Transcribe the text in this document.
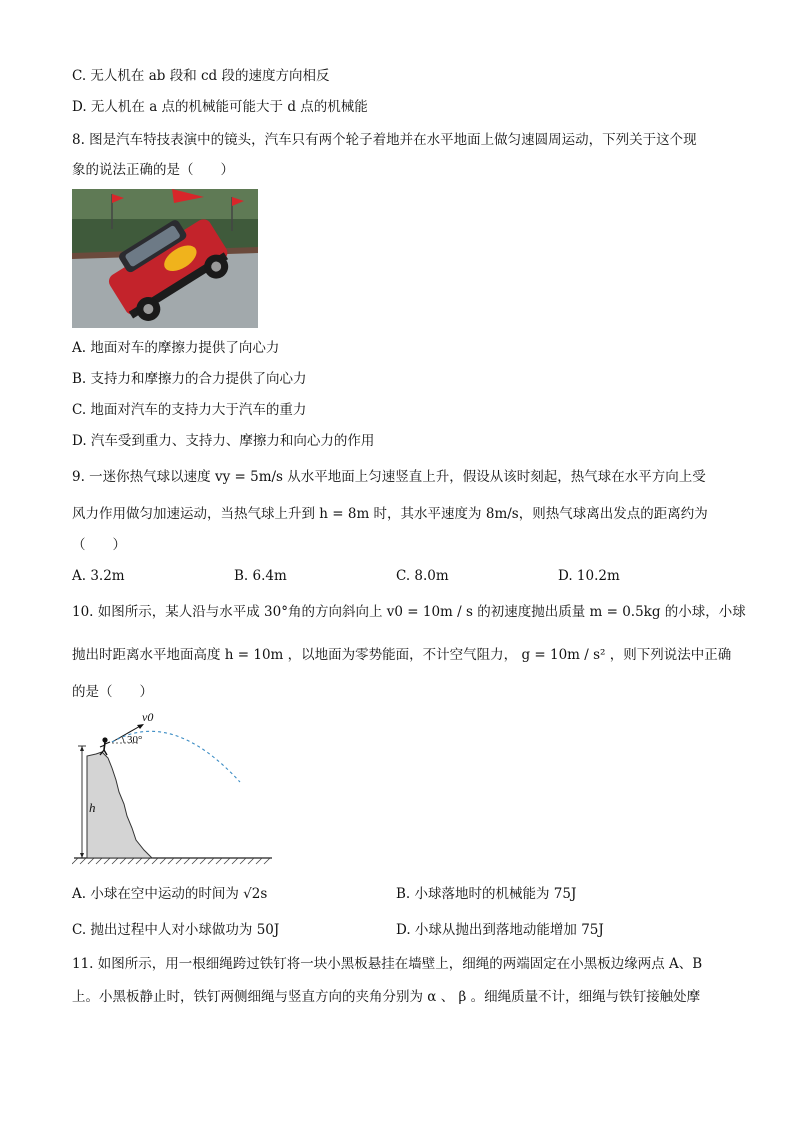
C. 无人机在 ab 段和 cd 段的速度方向相反
D. 无人机在 a 点的机械能可能大于 d 点的机械能
8. 图是汽车特技表演中的镜头，汽车只有两个轮子着地并在水平地面上做匀速圆周运动，下列关于这个现
象的说法正确的是（　　）
A. 地面对车的摩擦力提供了向心力
B. 支持力和摩擦力的合力提供了向心力
C. 地面对汽车的支持力大于汽车的重力
D. 汽车受到重力、支持力、摩擦力和向心力的作用
9. 一迷你热气球以速度 vy = 5m/s 从水平地面上匀速竖直上升，假设从该时刻起，热气球在水平方向上受
风力作用做匀加速运动，当热气球上升到 h = 8m 时，其水平速度为 8m/s，则热气球离出发点的距离约为
（　　）
A. 3.2m	B. 6.4m	C. 8.0m	D. 10.2m
10. 如图所示，某人沿与水平成 30°角的方向斜向上 v0 = 10m / s 的初速度抛出质量 m = 0.5kg 的小球，小球
抛出时距离水平地面高度 h = 10m ，以地面为零势能面，不计空气阻力， g = 10m / s² ，则下列说法中正确
的是（　　）
h
30°
v0
A. 小球在空中运动的时间为 √2s	B. 小球落地时的机械能为 75J
C. 抛出过程中人对小球做功为 50J	D. 小球从抛出到落地动能增加 75J
11. 如图所示，用一根细绳跨过铁钉将一块小黑板悬挂在墙壁上，细绳的两端固定在小黑板边缘两点 A、B
上。小黑板静止时，铁钉两侧细绳与竖直方向的夹角分别为 α 、 β 。细绳质量不计，细绳与铁钉接触处摩
